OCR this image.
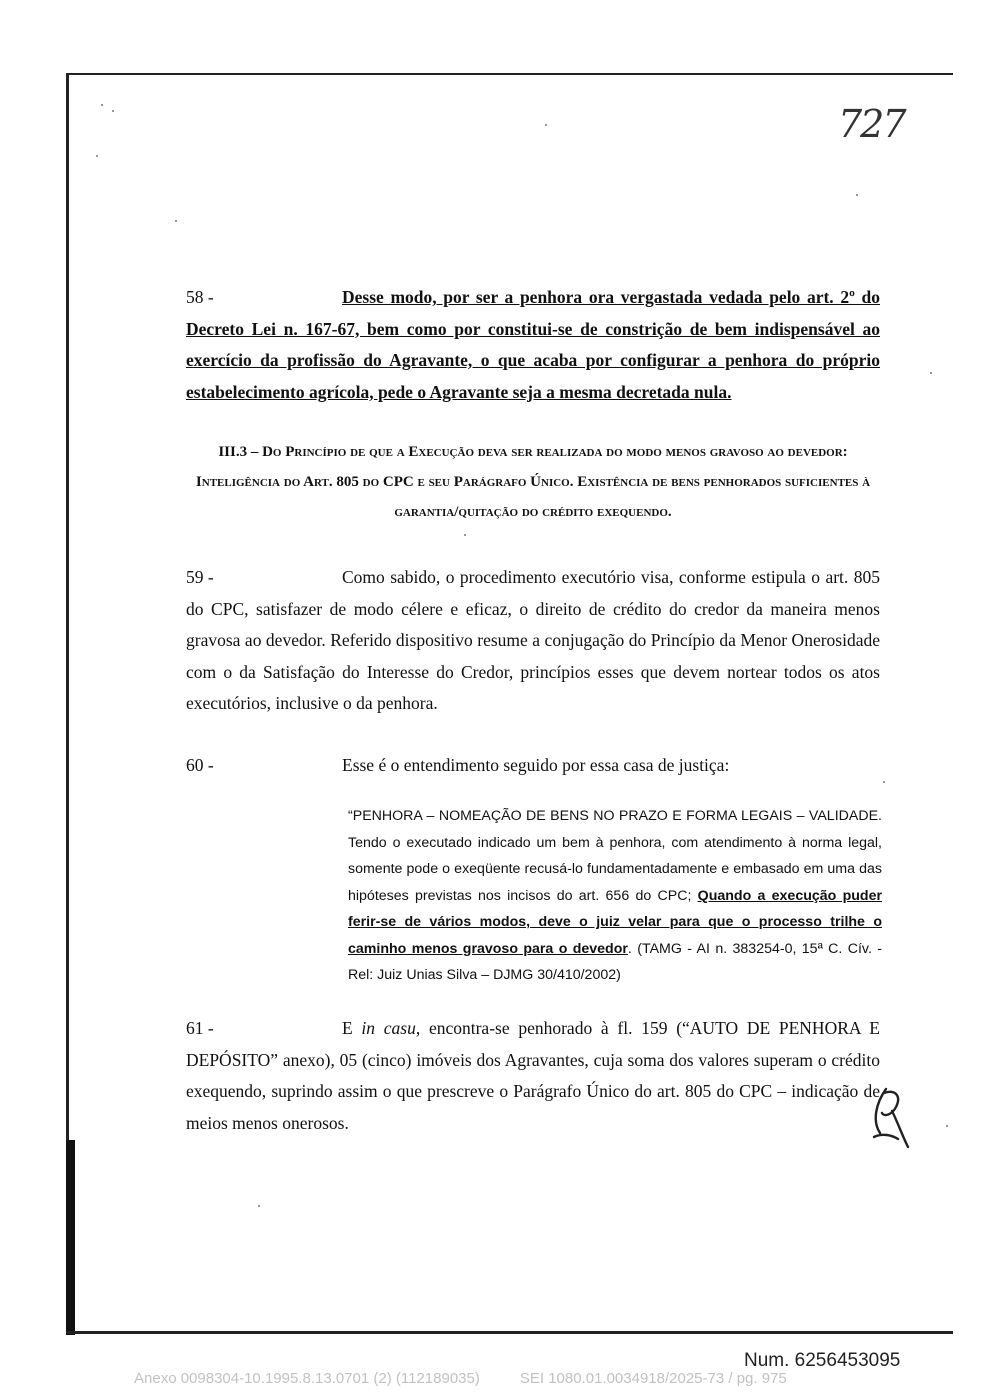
727
58 -	Desse modo, por ser a penhora ora vergastada vedada pelo art. 2º do Decreto Lei n. 167-67, bem como por constitui-se de constrição de bem indispensável ao exercício da profissão do Agravante, o que acaba por configurar a penhora do próprio estabelecimento agrícola, pede o Agravante seja a mesma decretada nula.

III.3 – Do Princípio de que a Execução deva ser realizada do modo menos gravoso ao devedor: Inteligência do Art. 805 do CPC e seu Parágrafo Único. Existência de bens penhorados suficientes à garantia/quitação do crédito exequendo.
59 -	Como sabido, o procedimento executório visa, conforme estipula o art. 805 do CPC, satisfazer de modo célere e eficaz, o direito de crédito do credor da maneira menos gravosa ao devedor. Referido dispositivo resume a conjugação do Princípio da Menor Onerosidade com o da Satisfação do Interesse do Credor, princípios esses que devem nortear todos os atos executórios, inclusive o da penhora.

60 -	Esse é o entendimento seguido por essa casa de justiça:

“PENHORA – NOMEAÇÃO DE BENS NO PRAZO E FORMA LEGAIS – VALIDADE. Tendo o executado indicado um bem à penhora, com atendimento à norma legal, somente pode o exeqüente recusá-lo fundamentadamente e embasado em uma das hipóteses previstas nos incisos do art. 656 do CPC; Quando a execução puder ferir-se de vários modos, deve o juiz velar para que o processo trilhe o caminho menos gravoso para o devedor. (TAMG - AI n. 383254-0, 15ª C. Cív. - Rel: Juiz Unias Silva – DJMG 30/410/2002)
61 -	E in casu, encontra-se penhorado à fl. 159 (“AUTO DE PENHORA E DEPÓSITO” anexo), 05 (cinco) imóveis dos Agravantes, cuja soma dos valores superam o crédito exequendo, suprindo assim o que prescreve o Parágrafo Único do art. 805 do CPC – indicação de meios menos onerosos.

Num. 6256453095
Anexo 0098304-10.1995.8.13.0701 (2) (112189035)	SEI 1080.01.0034918/2025-73 / pg. 975
